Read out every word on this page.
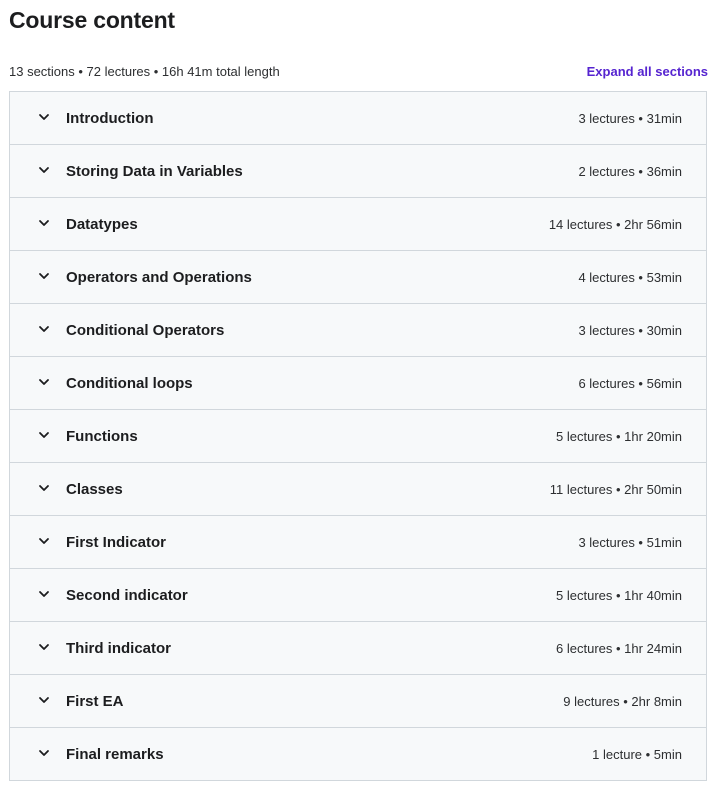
Course content
13 sections • 72 lectures • 16h 41m total length	Expand all sections
Introduction	3 lectures • 31min
Storing Data in Variables	2 lectures • 36min
Datatypes	14 lectures • 2hr 56min
Operators and Operations	4 lectures • 53min
Conditional Operators	3 lectures • 30min
Conditional loops	6 lectures • 56min
Functions	5 lectures • 1hr 20min
Classes	11 lectures • 2hr 50min
First Indicator	3 lectures • 51min
Second indicator	5 lectures • 1hr 40min
Third indicator	6 lectures • 1hr 24min
First EA	9 lectures • 2hr 8min
Final remarks	1 lecture • 5min
